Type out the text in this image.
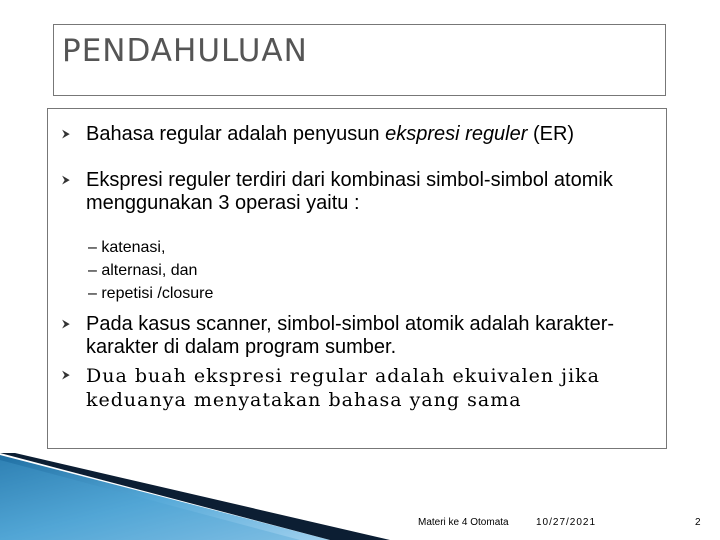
PENDAHULUAN
⮞ Bahasa regular adalah penyusun ekspresi reguler (ER)
⮞ Ekspresi reguler terdiri dari kombinasi simbol-simbol atomik menggunakan 3 operasi yaitu :
– katenasi,
– alternasi, dan
– repetisi /closure
⮞ Pada kasus scanner, simbol-simbol atomik adalah karakter-karakter di dalam program sumber.
⮞ Dua buah ekspresi regular adalah ekuivalen jika keduanya menyatakan bahasa yang sama
Materi ke 4 Otomata	10/27/2021	2
